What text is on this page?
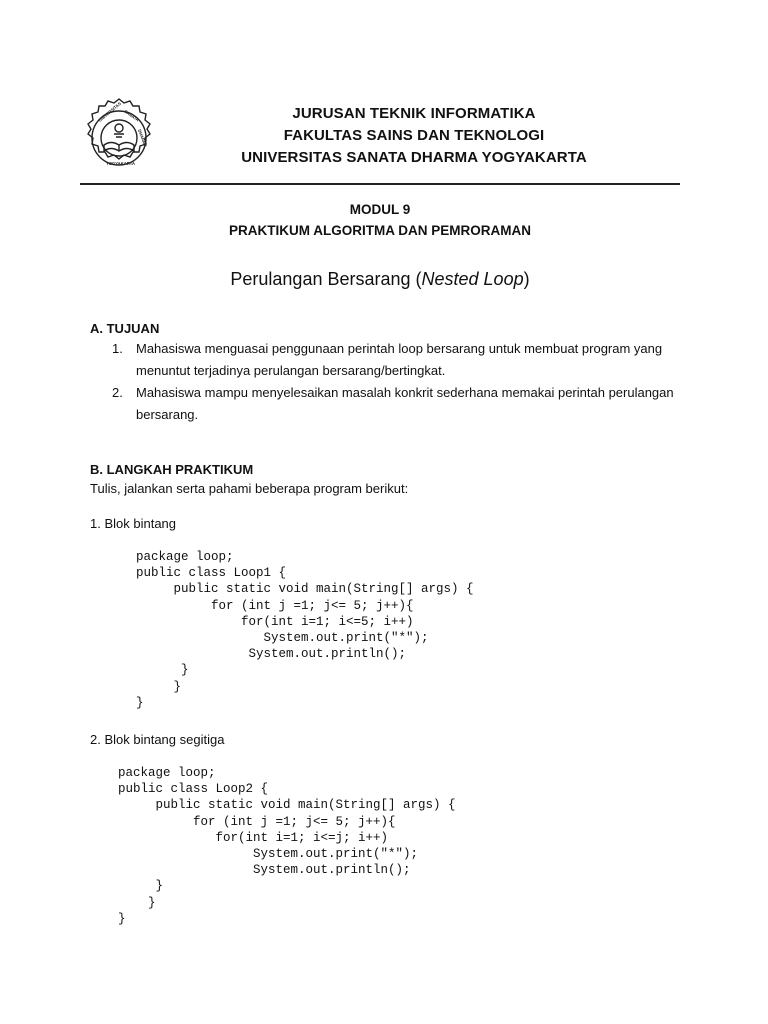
UNIVERSITAS SANATA
DHARMA
YOGYAKARTA
JURUSAN TEKNIK INFORMATIKA
FAKULTAS SAINS DAN TEKNOLOGI
UNIVERSITAS SANATA DHARMA YOGYAKARTA
MODUL 9
PRAKTIKUM ALGORITMA DAN PEMRORAMAN
Perulangan Bersarang (Nested Loop)
A. TUJUAN
1. Mahasiswa menguasai penggunaan perintah loop bersarang untuk membuat program yang menuntut terjadinya perulangan bersarang/bertingkat.
2. Mahasiswa mampu menyelesaikan masalah konkrit sederhana memakai perintah perulangan bersarang.
B. LANGKAH PRAKTIKUM
Tulis, jalankan serta pahami beberapa program berikut:
1. Blok bintang
package loop;
public class Loop1 {
public static void main(String[] args) {
for (int j =1; j<= 5; j++){
for(int i=1; i<=5; i++)
System.out.print("*");
System.out.println();
}
}
}
2. Blok bintang segitiga
package loop;
public class Loop2 {
public static void main(String[] args) {
for (int j =1; j<= 5; j++){
for(int i=1; i<=j; i++)
System.out.print("*");
System.out.println();
}
}
}
